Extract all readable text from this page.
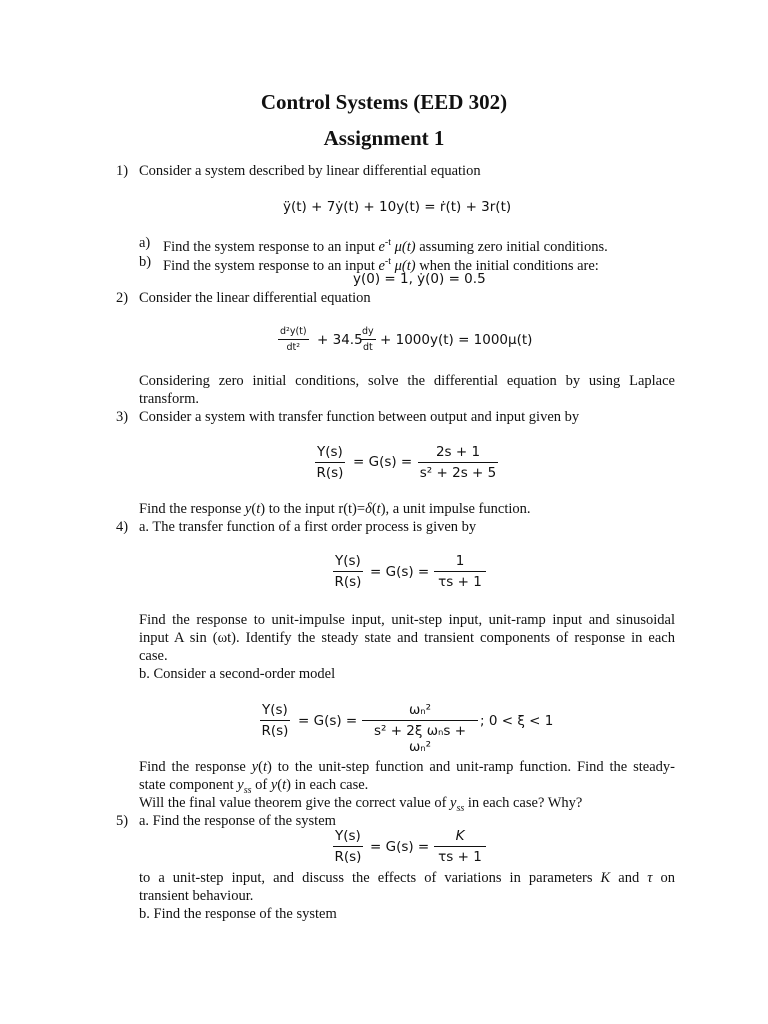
Control Systems (EED 302)
Assignment 1
1) Consider a system described by linear differential equation
ÿ(t) + 7ẏ(t) + 10y(t) = ṙ(t) + 3r(t)
a) Find the system response to an input $e^{-t}$ μ(t) assuming zero initial conditions.
b) Find the system response to an input $e^{-t}$ μ(t) when the initial conditions are:
y(0) = 1, ẏ(0) = 0.5
2) Consider the linear differential equation
$\frac{\text{d²y(t)}}{\text{dt²}} + 34.5$
$\frac{dy}{dt} + 1000y(t) = 1000\mu(t)$
Considering zero initial conditions, solve the differential equation by using Laplace
transform.
3) Consider a system with transfer function between output and input given by
$\frac{Y(s)}{R(s)} = G(s) = \frac{2s + 1}{\text{s² + 2s + 5}}$
Find the response y(t) to the input r(t)=δ(t), a unit impulse function.
4) a. The transfer function of a first order process is given by
$\frac{Y(s)}{R(s)} = G(s) = \frac{1}{\tau s + 1}$
Find the response to unit-impulse input, unit-step input, unit-ramp input and sinusoidal
input A sin (ωt). Identify the steady state and transient components of response in each
case.
b. Consider a second-order model
$\frac{Y(s)}{R(s)} = G(s)$ =
ωₙ²
s² + 2ξ ωₙs + ωₙ²
; 0 < ξ < 1
Find the response y(t) to the unit-step function and unit-ramp function. Find the steady-
state component $y_{ss}$ of y(t) in each case.
Will the final value theorem give the correct value of $y_{ss}$ in each case? Why?
5) a. Find the response of the system
$\frac{Y(s)}{R(s)} = G(s) = \frac{K}{\tau s + 1}$
to a unit-step input, and discuss the effects of variations in parameters K and τ on
transient behaviour.
b. Find the response of the system
